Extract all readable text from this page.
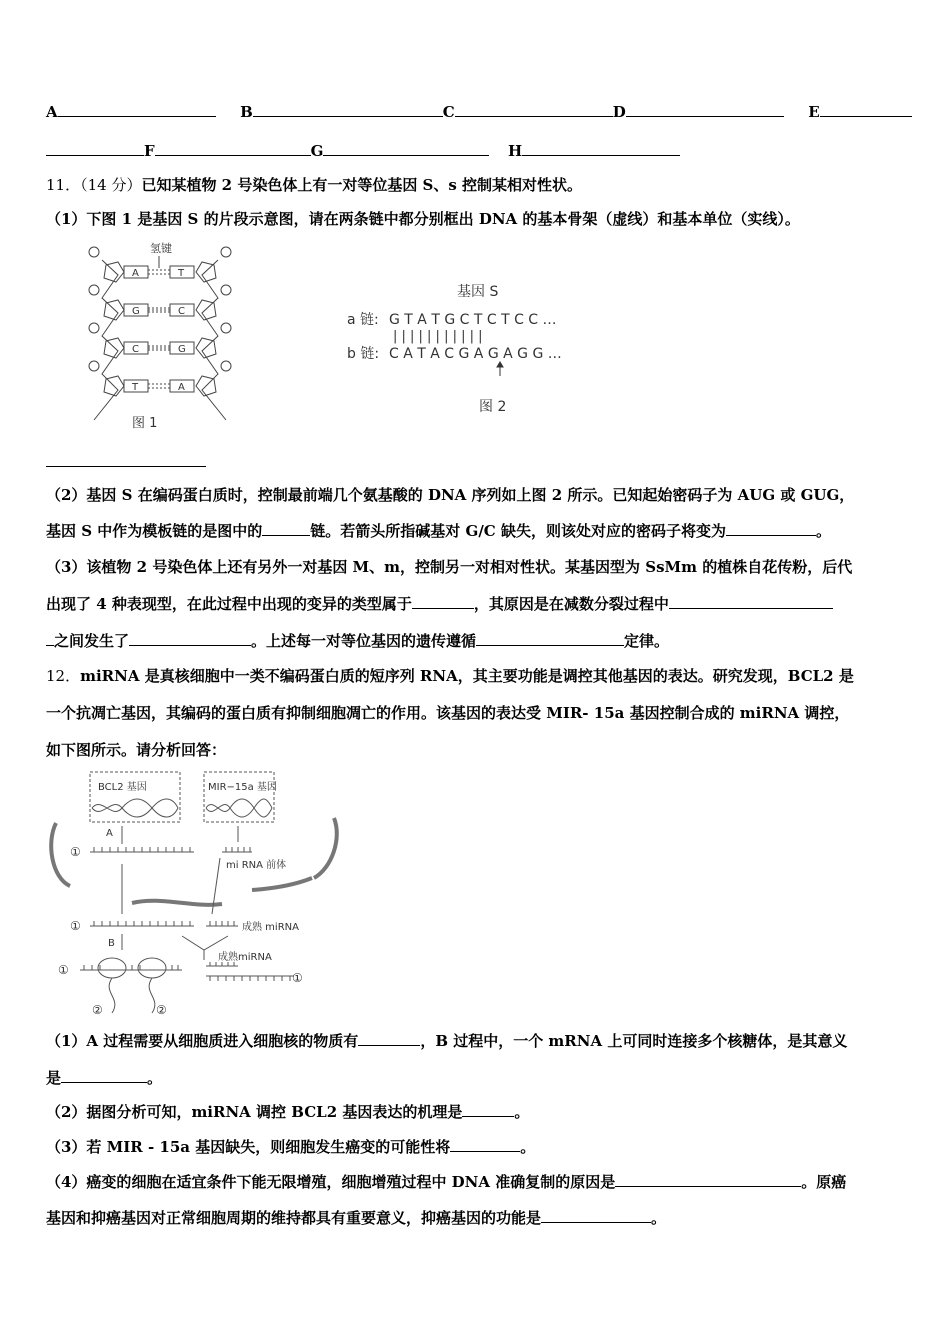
A	B	C	D	E
F	G	H
11．（14 分）已知某植物 2 号染色体上有一对等位基因 S、s 控制某相对性状。
（1）下图 1 是基因 S 的片段示意图，请在两条链中都分别框出 DNA 的基本骨架（虚线）和基本单位（实线）。
氢键
A	T
G	C
C	G
T	A
图 1
基因 S
a 链: G T A T G C T C T C C …
| | | | | | | | | | |
b 链: C A T A C G A G A G G …
图 2
（2）基因 S 在编码蛋白质时，控制最前端几个氨基酸的 DNA 序列如上图 2 所示。已知起始密码子为 AUG 或 GUG，
基因 S 中作为模板链的是图中的	链。若箭头所指碱基对 G/C 缺失，则该处对应的密码子将变为	。
（3）该植物 2 号染色体上还有另外一对基因 M、m，控制另一对相对性状。某基因型为 SsMm 的植株自花传粉，后代
出现了 4 种表现型，在此过程中出现的变异的类型属于	，其原因是在减数分裂过程中
之间发生了	。上述每一对等位基因的遗传遵循	定律。
12．miRNA 是真核细胞中一类不编码蛋白质的短序列 RNA，其主要功能是调控其他基因的表达。研究发现，BCL2 是
一个抗凋亡基因，其编码的蛋白质有抑制细胞凋亡的作用。该基因的表达受 MIR- 15a 基因控制合成的 miRNA 调控，
如下图所示。请分析回答：
BCL2 基因	MIR−15a 基因
A
B
mi RNA 前体
成熟 miRNA
成熟miRNA
①
①
①
①
②	②
（1）A 过程需要从细胞质进入细胞核的物质有	，B 过程中，一个 mRNA 上可同时连接多个核糖体，是其意义
是	。
（2）据图分析可知，miRNA 调控 BCL2 基因表达的机理是	。
（3）若 MIR - 15a 基因缺失，则细胞发生癌变的可能性将	。
（4）癌变的细胞在适宜条件下能无限增殖，细胞增殖过程中 DNA 准确复制的原因是	。原癌
基因和抑癌基因对正常细胞周期的维持都具有重要意义，抑癌基因的功能是	。
